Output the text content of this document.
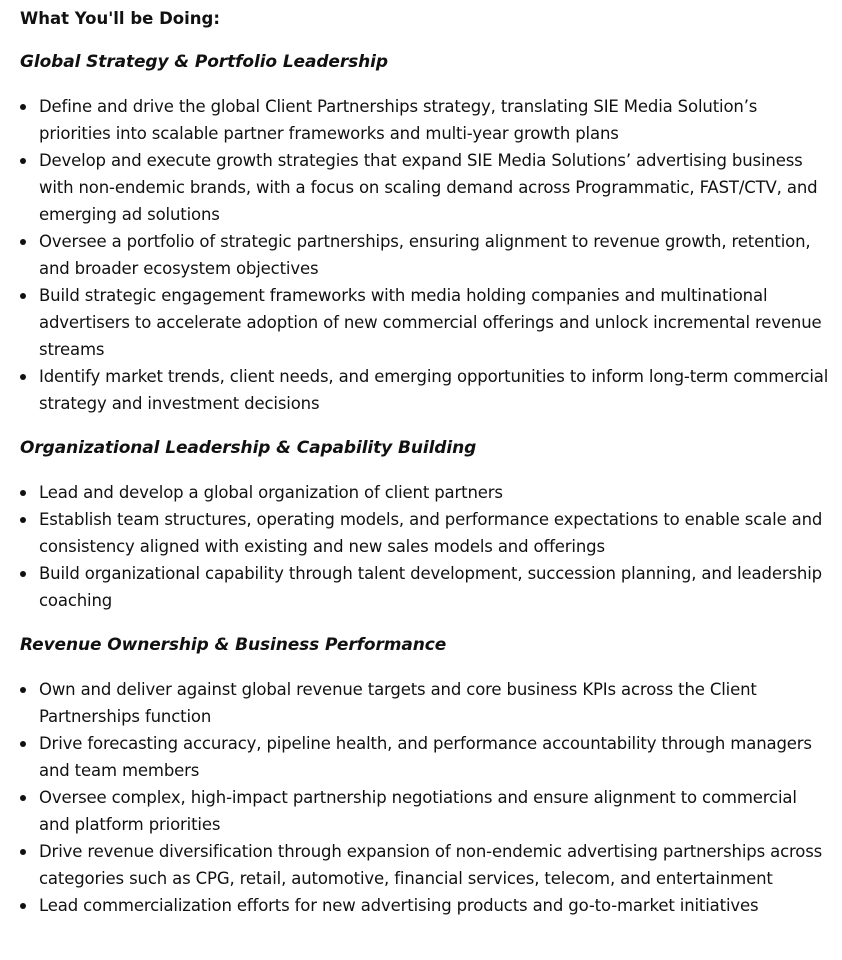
What You'll be Doing:
Global Strategy & Portfolio Leadership
Define and drive the global Client Partnerships strategy, translating SIE Media Solution’s priorities into scalable partner frameworks and multi-year growth plans
Develop and execute growth strategies that expand SIE Media Solutions’ advertising business with non-endemic brands, with a focus on scaling demand across Programmatic, FAST/CTV, and emerging ad solutions
Oversee a portfolio of strategic partnerships, ensuring alignment to revenue growth, retention, and broader ecosystem objectives
Build strategic engagement frameworks with media holding companies and multinational advertisers to accelerate adoption of new commercial offerings and unlock incremental revenue streams
Identify market trends, client needs, and emerging opportunities to inform long-term commercial strategy and investment decisions
Organizational Leadership & Capability Building
Lead and develop a global organization of client partners
Establish team structures, operating models, and performance expectations to enable scale and consistency aligned with existing and new sales models and offerings
Build organizational capability through talent development, succession planning, and leadership coaching
Revenue Ownership & Business Performance
Own and deliver against global revenue targets and core business KPIs across the Client Partnerships function
Drive forecasting accuracy, pipeline health, and performance accountability through managers and team members
Oversee complex, high-impact partnership negotiations and ensure alignment to commercial and platform priorities
Drive revenue diversification through expansion of non-endemic advertising partnerships across categories such as CPG, retail, automotive, financial services, telecom, and entertainment
Lead commercialization efforts for new advertising products and go-to-market initiatives
